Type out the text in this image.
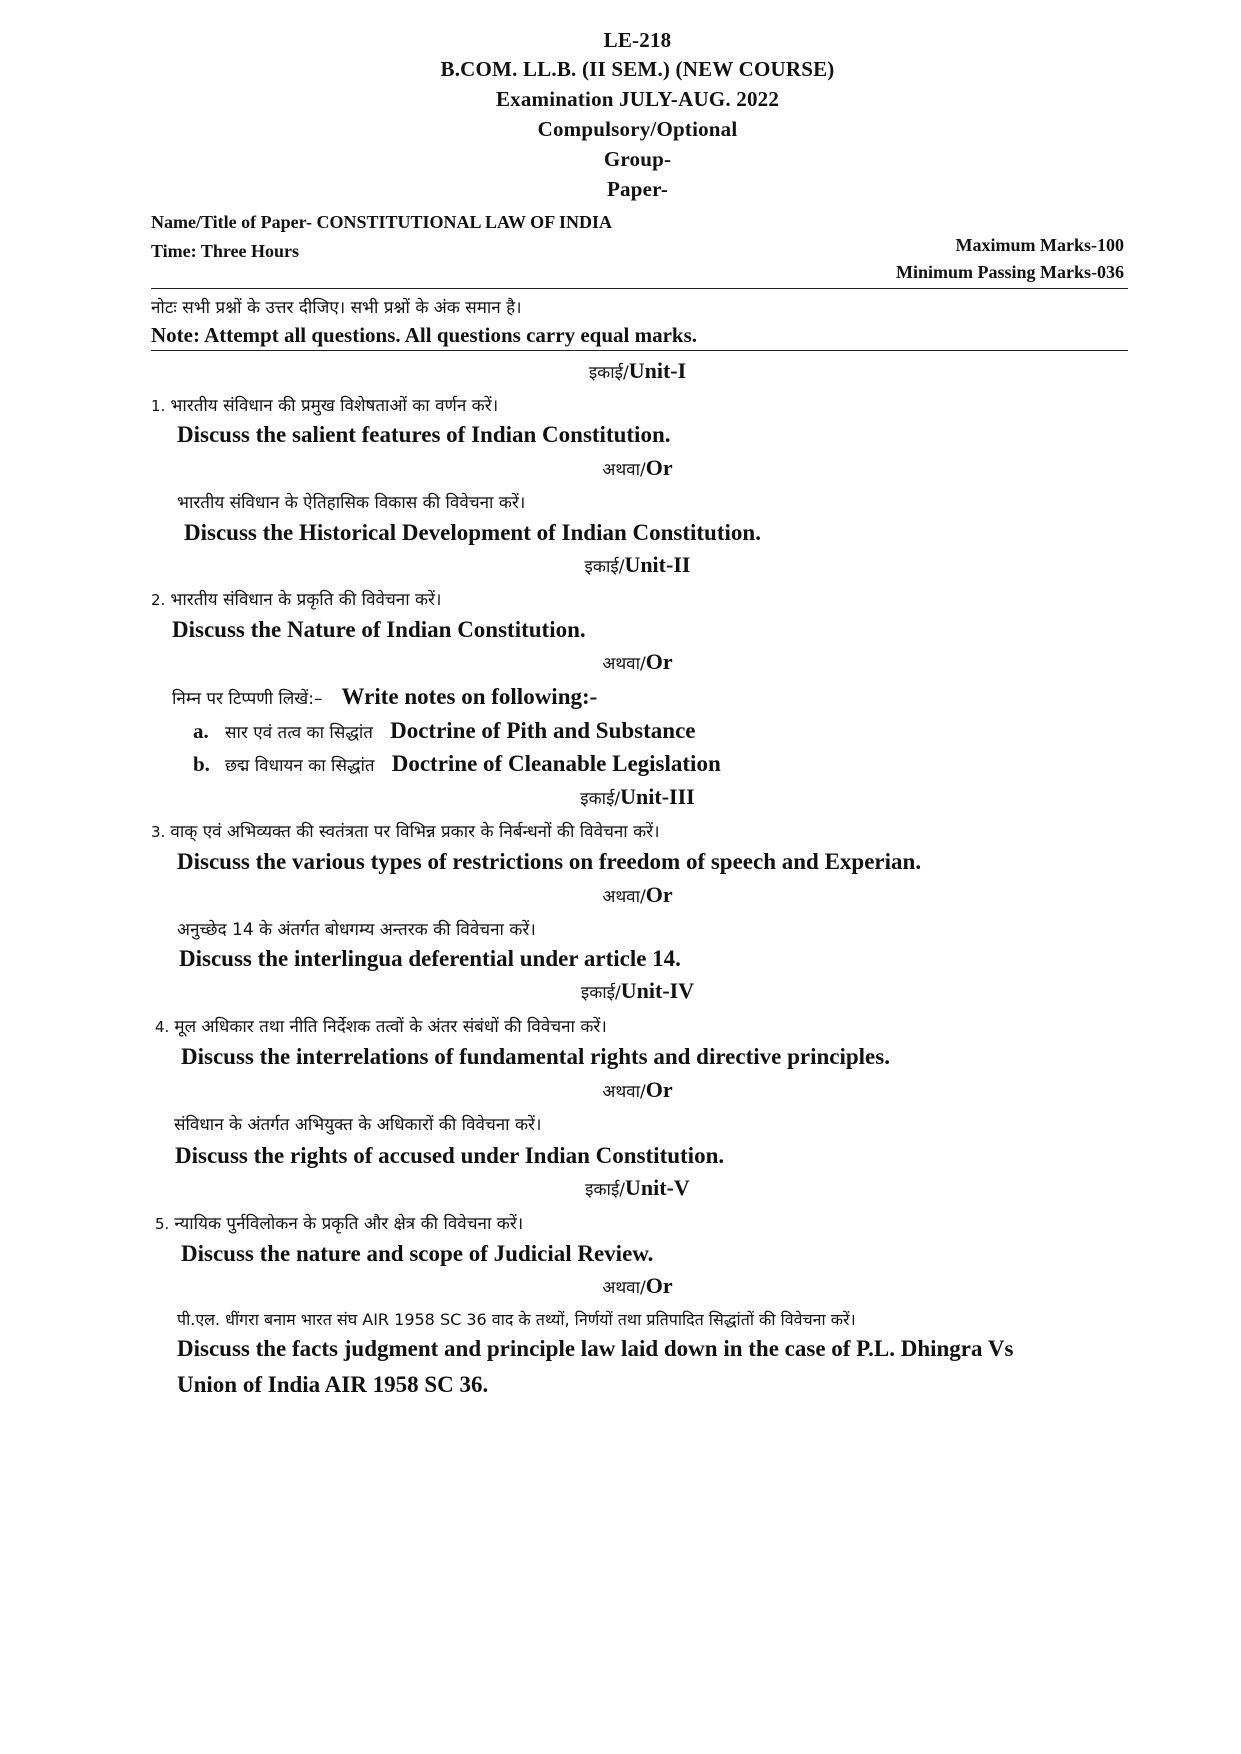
LE-218
B.COM. LL.B. (II SEM.) (NEW COURSE)
Examination JULY-AUG. 2022
Compulsory/Optional
Group-
Paper-
Name/Title of Paper- CONSTITUTIONAL LAW OF INDIA
Time: Three Hours	Maximum Marks-100
Minimum Passing Marks-036
नोटः सभी प्रश्नों के उत्तर दीजिए। सभी प्रश्नों के अंक समान है।
Note: Attempt all questions. All questions carry equal marks.
इकाई/Unit-I
1. भारतीय संविधान की प्रमुख विशेषताओं का वर्णन करें।
Discuss the salient features of Indian Constitution.
अथवा/Or
भारतीय संविधान के ऐतिहासिक विकास की विवेचना करें।
Discuss the Historical Development of Indian Constitution.
इकाई/Unit-II
2. भारतीय संविधान के प्रकृति की विवेचना करें।
Discuss the Nature of Indian Constitution.
अथवा/Or
निम्न पर टिप्पणी लिखें:– Write notes on following:-
a. सार एवं तत्व का सिद्धांत Doctrine of Pith and Substance
b. छद्म विधायन का सिद्धांत Doctrine of Cleanable Legislation
इकाई/Unit-III
3. वाक् एवं अभिव्यक्त की स्वतंत्रता पर विभिन्न प्रकार के निर्बन्धनों की विवेचना करें।
Discuss the various types of restrictions on freedom of speech and Experian.
अथवा/Or
अनुच्छेद 14 के अंतर्गत बोधगम्य अन्तरक की विवेचना करें।
Discuss the interlingua deferential under article 14.
इकाई/Unit-IV
4. मूल अधिकार तथा नीति निर्देशक तत्वों के अंतर संबंधों की विवेचना करें।
Discuss the interrelations of fundamental rights and directive principles.
अथवा/Or
संविधान के अंतर्गत अभियुक्त के अधिकारों की विवेचना करें।
Discuss the rights of accused under Indian Constitution.
इकाई/Unit-V
5. न्यायिक पुर्नविलोकन के प्रकृति और क्षेत्र की विवेचना करें।
Discuss the nature and scope of Judicial Review.
अथवा/Or
पी.एल. धींगरा बनाम भारत संघ AIR 1958 SC 36 वाद के तथ्यों, निर्णयों तथा प्रतिपादित सिद्धांतों की विवेचना करें।
Discuss the facts judgment and principle law laid down in the case of P.L. Dhingra Vs
Union of India AIR 1958 SC 36.
